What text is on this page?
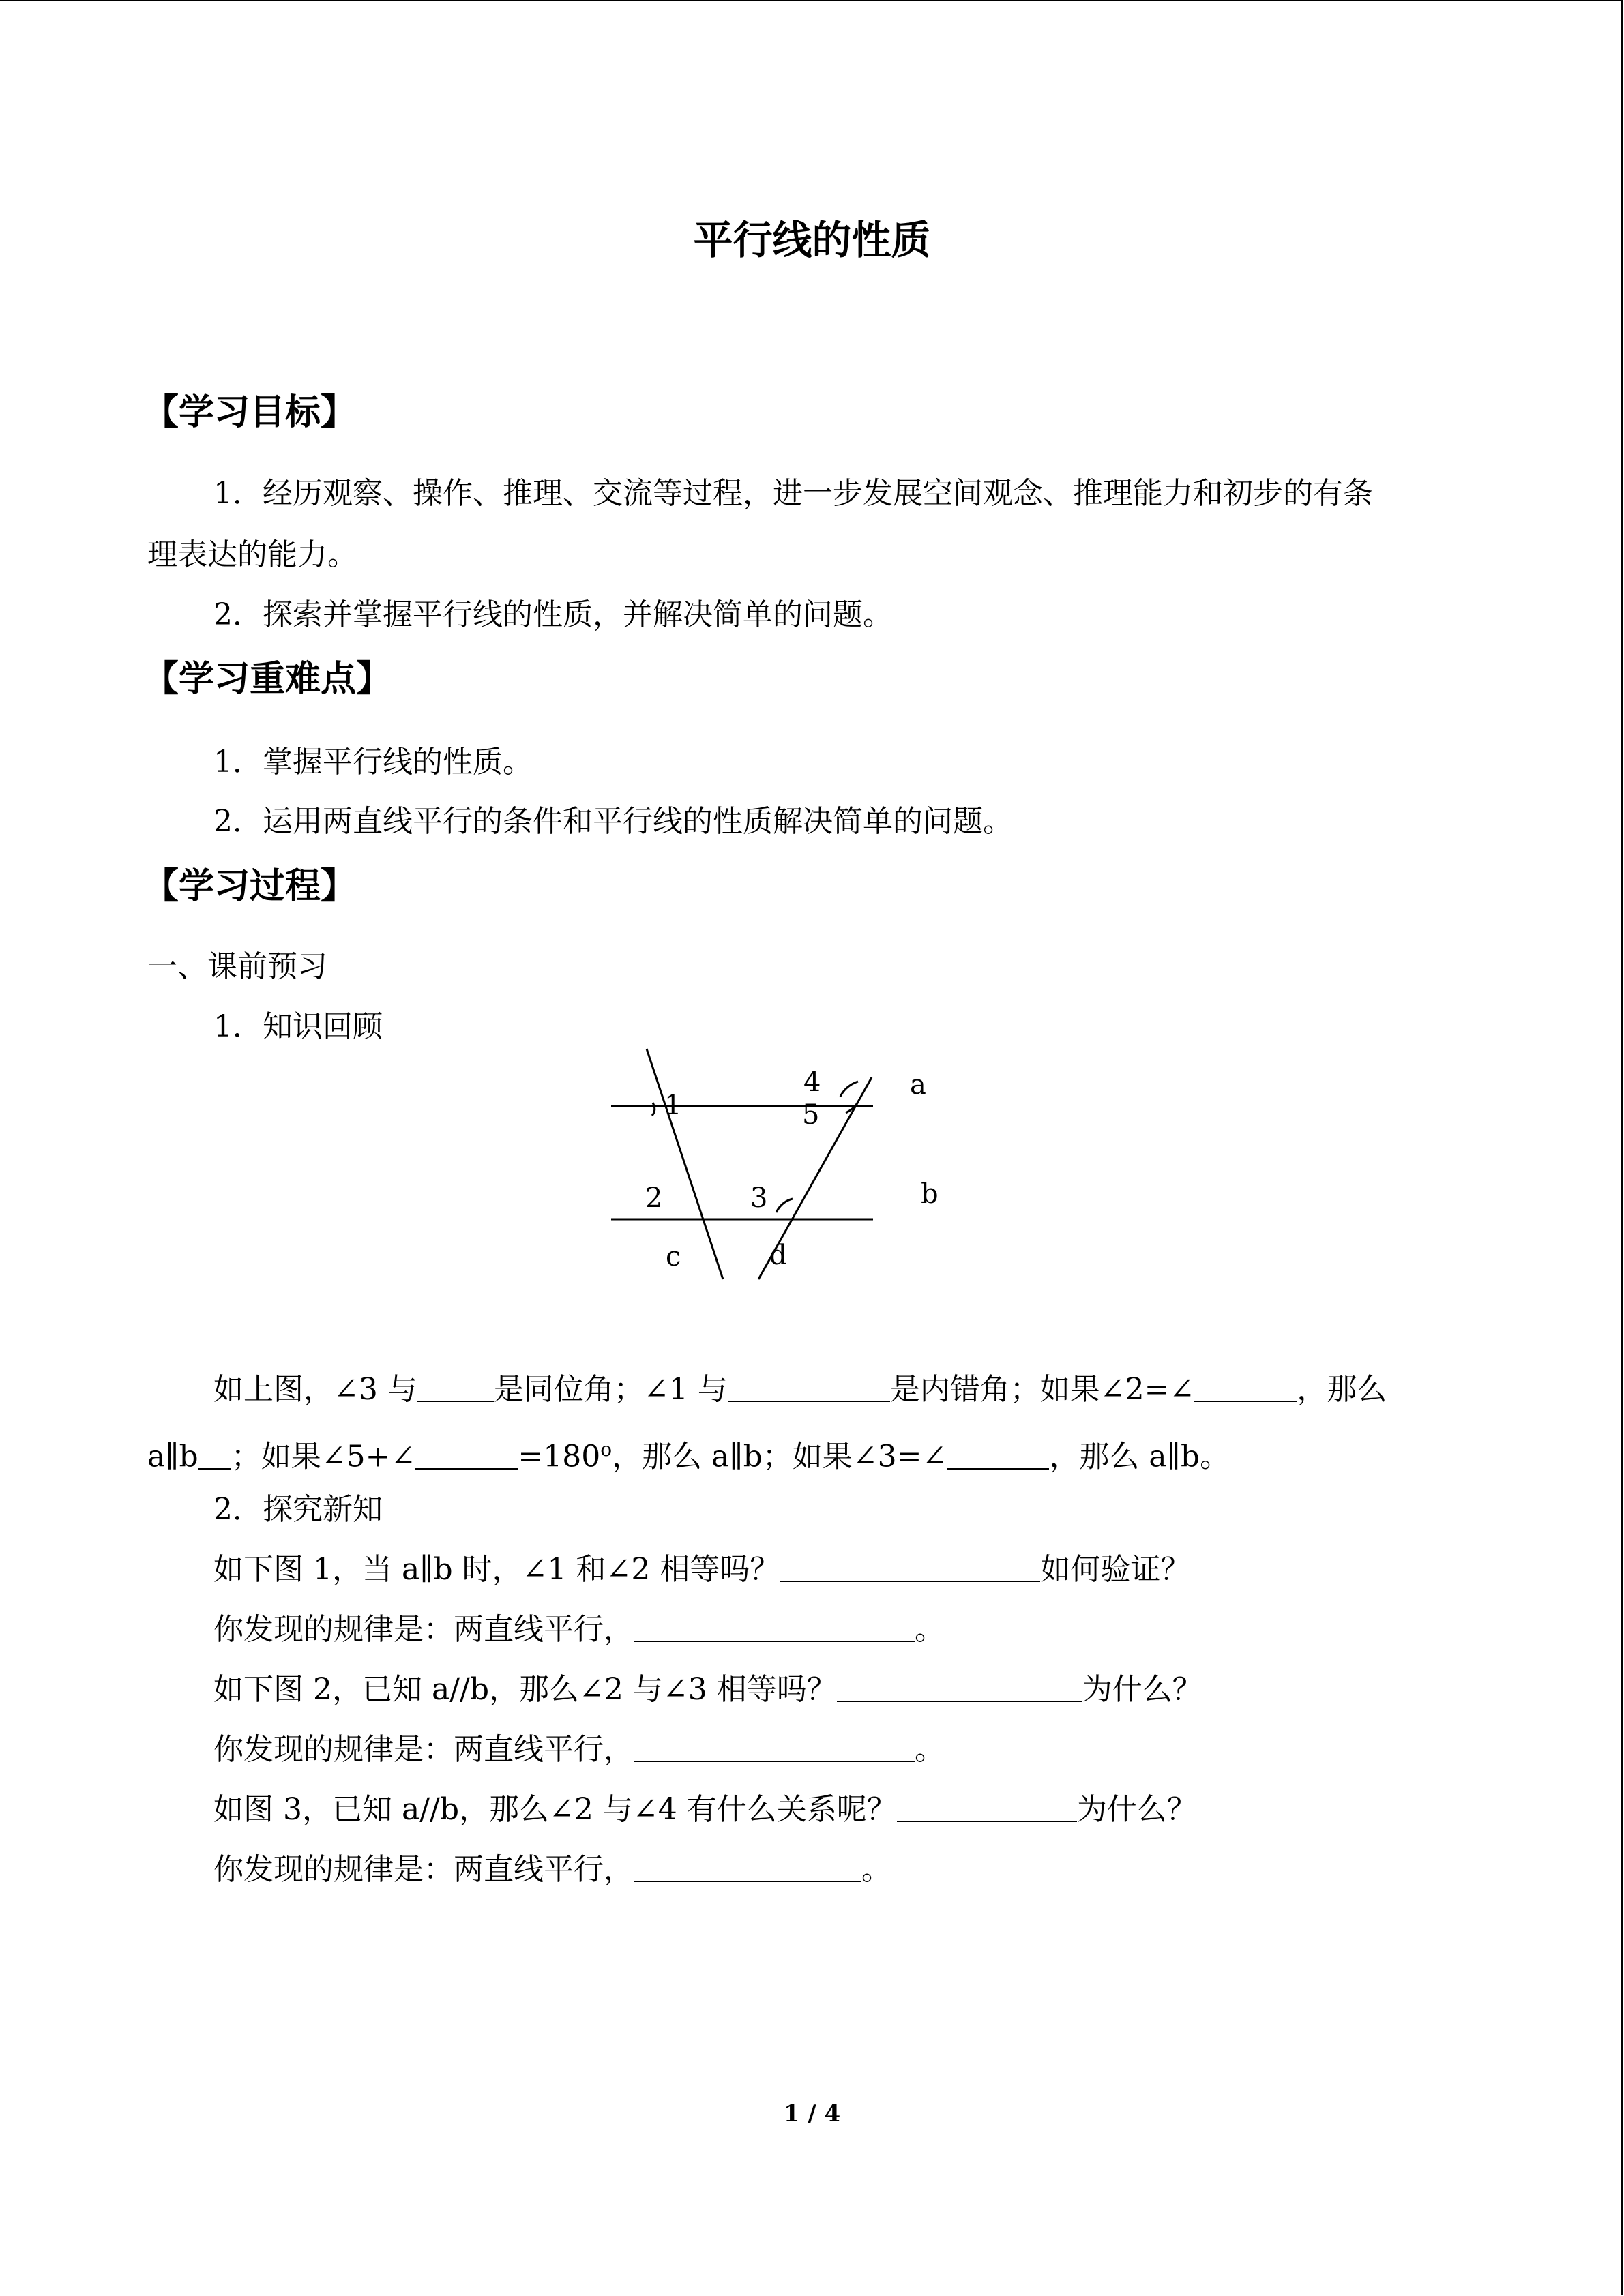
平行线的性质
【学习目标】
1．经历观察、操作、推理、交流等过程，进一步发展空间观念、推理能力和初步的有条
理表达的能力。
2．探索并掌握平行线的性质，并解决简单的问题。
【学习重难点】
1．掌握平行线的性质。
2．运用两直线平行的条件和平行线的性质解决简单的问题。
【学习过程】
一、课前预习
1．知识回顾
1
4
5
2	3
a
b
c	d
如上图，∠3 与	是同位角；∠1 与	是内错角；如果∠2=∠	，那么
a∥b ；如果∠5+∠	$=180^o$，那么 a∥b；如果∠3=∠	，那么 a∥b。
2．探究新知
如下图 1，当 a∥b 时，∠1 和∠2 相等吗？	如何验证？
你发现的规律是：两直线平行，	。
如下图 2，已知 a//b，那么∠2 与∠3 相等吗？	为什么？
你发现的规律是：两直线平行，	。
如图 3，已知 a//b，那么∠2 与∠4 有什么关系呢？	为什么？
你发现的规律是：两直线平行，	。
1 / 4
